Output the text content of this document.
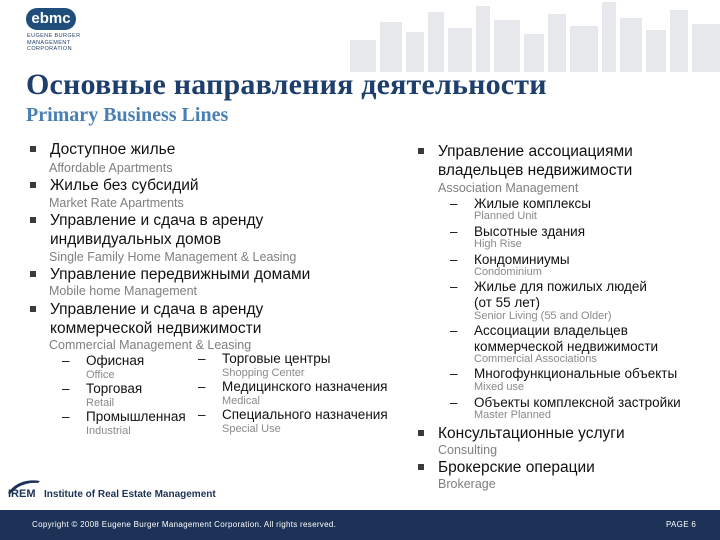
ebmc
EUGENE BURGER
MANAGEMENT
CORPORATION
Основные направления деятельности
Primary Business Lines
Доступное жилье
Affordable Apartments
Жилье без субсидий
Market Rate Apartments
Управление и сдача в аренду индивидуальных домов
Single Family Home Management & Leasing
Управление передвижными домами
Mobile home Management
Управление и сдача в аренду коммерческой недвижимости
Commercial Management & Leasing
– Офисная
Office
– Торговая
Retail
– Промышленная
Industrial
– Торговые центры
Shopping Center
– Медицинского назначения
Medical
– Специального назначения
Special Use
Управление ассоциациями владельцев недвижимости
Association Management
– Жилые комплексы
Planned Unit
– Высотные здания
High Rise
– Кондоминиумы
Condominium
– Жилье для пожилых людей (от 55 лет)
Senior Living (55 and Older)
– Ассоциации владельцев коммерческой недвижимости
Commercial Associations
– Многофункциональные объекты
Mixed use
– Объекты комплексной застройки
Master Planned
Консультационные услуги
Consulting
Брокерские операции
Brokerage
IREM Institute of Real Estate Management
Copyright © 2008 Eugene Burger Management Corporation. All rights reserved.	PAGE 6
